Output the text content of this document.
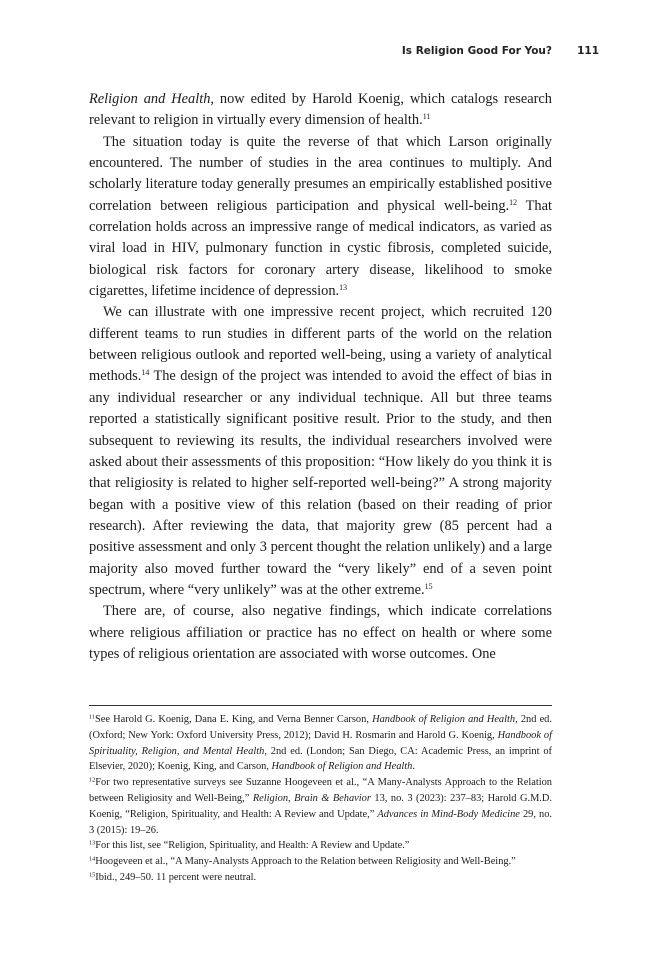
Is Religion Good For You? 111

Religion and Health, now edited by Harold Koenig, which catalogs research relevant to religion in virtually every dimension of health.$^{11}$

The situation today is quite the reverse of that which Larson originally encountered. The number of studies in the area continues to multiply. And scholarly literature today generally presumes an empirically established positive correlation between religious participation and physical well-being.$^{12}$ That correlation holds across an impressive range of medical indicators, as varied as viral load in HIV, pulmonary function in cystic fibrosis, completed suicide, biological risk factors for coronary artery disease, likelihood to smoke cigarettes, lifetime incidence of depression.$^{13}$

We can illustrate with one impressive recent project, which recruited 120 different teams to run studies in different parts of the world on the relation between religious outlook and reported well-being, using a variety of analytical methods.$^{14}$ The design of the project was intended to avoid the effect of bias in any individual researcher or any individual technique. All but three teams reported a statistically significant positive result. Prior to the study, and then subsequent to reviewing its results, the individual researchers involved were asked about their assessments of this proposition: “How likely do you think it is that religiosity is related to higher self-reported well-being?” A strong majority began with a positive view of this relation (based on their reading of prior research). After reviewing the data, that majority grew (85 percent had a positive assessment and only 3 percent thought the relation unlikely) and a large majority also moved further toward the “very likely” end of a seven point spectrum, where “very unlikely” was at the other extreme.$^{15}$

There are, of course, also negative findings, which indicate correlations where religious affiliation or practice has no effect on health or where some types of religious orientation are associated with worse outcomes. One

$^{11}$See Harold G. Koenig, Dana E. King, and Verna Benner Carson, Handbook of Religion and Health, 2nd ed. (Oxford; New York: Oxford University Press, 2012); David H. Rosmarin and Harold G. Koenig, Handbook of Spirituality, Religion, and Mental Health, 2nd ed. (London; San Diego, CA: Academic Press, an imprint of Elsevier, 2020); Koenig, King, and Carson, Handbook of Religion and Health.

$^{12}$For two representative surveys see Suzanne Hoogeveen et al., “A Many-Analysts Approach to the Relation between Religiosity and Well-Being,” Religion, Brain & Behavior 13, no. 3 (2023): 237–83; Harold G.M.D. Koenig, “Religion, Spirituality, and Health: A Review and Update,” Advances in Mind-Body Medicine 29, no. 3 (2015): 19–26.

$^{13}$For this list, see “Religion, Spirituality, and Health: A Review and Update.”

$^{14}$Hoogeveen et al., “A Many-Analysts Approach to the Relation between Religiosity and Well-Being.”

$^{15}$Ibid., 249–50. 11 percent were neutral.
